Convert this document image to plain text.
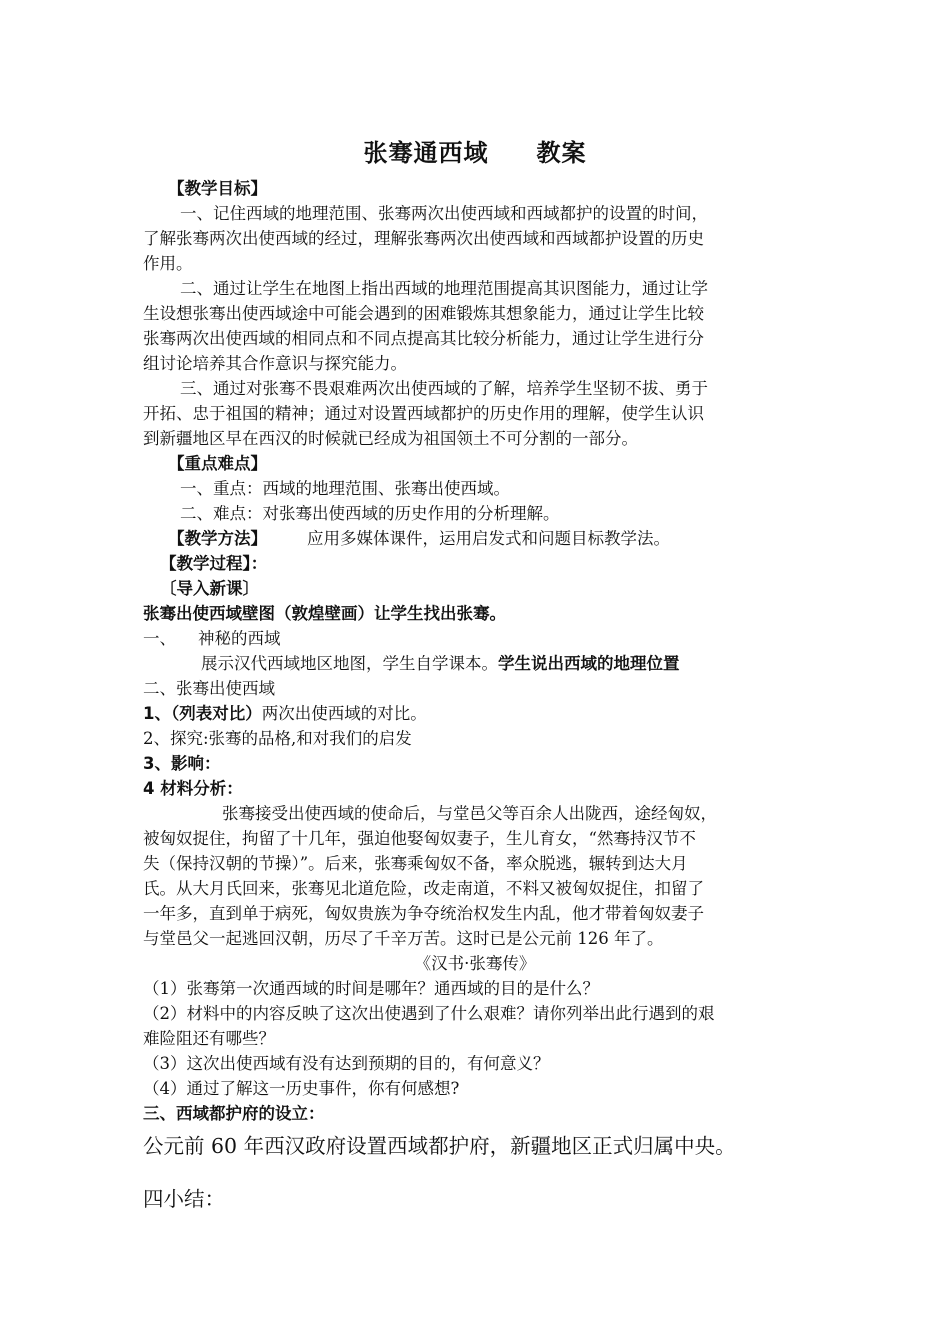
张骞通西域 教案
【教学目标】
一、记住西域的地理范围、张骞两次出使西域和西域都护的设置的时间，
了解张骞两次出使西域的经过，理解张骞两次出使西域和西域都护设置的历史
作用。
二、通过让学生在地图上指出西域的地理范围提高其识图能力，通过让学
生设想张骞出使西域途中可能会遇到的困难锻炼其想象能力，通过让学生比较
张骞两次出使西域的相同点和不同点提高其比较分析能力，通过让学生进行分
组讨论培养其合作意识与探究能力。
三、通过对张骞不畏艰难两次出使西域的了解，培养学生坚韧不拔、勇于
开拓、忠于祖国的精神；通过对设置西域都护的历史作用的理解，使学生认识
到新疆地区早在西汉的时候就已经成为祖国领土不可分割的一部分。
【重点难点】
一、重点：西域的地理范围、张骞出使西域。
二、难点：对张骞出使西域的历史作用的分析理解。
【教学方法】 应用多媒体课件，运用启发式和问题目标教学法。
【教学过程】：
〔导入新课〕
张骞出使西域壁图（敦煌壁画）让学生找出张骞。
一、 神秘的西域
展示汉代西域地区地图，学生自学课本。学生说出西域的地理位置
二、张骞出使西域
1、（列表对比）两次出使西域的对比。
2、探究:张骞的品格,和对我们的启发
3、影响：
4 材料分析：
张骞接受出使西域的使命后，与堂邑父等百余人出陇西，途经匈奴，
被匈奴捉住，拘留了十几年，强迫他娶匈奴妻子，生儿育女，“然骞持汉节不
失（保持汉朝的节操）”。后来，张骞乘匈奴不备，率众脱逃，辗转到达大月
氏。从大月氏回来，张骞见北道危险，改走南道，不料又被匈奴捉住，扣留了
一年多，直到单于病死，匈奴贵族为争夺统治权发生内乱，他才带着匈奴妻子
与堂邑父一起逃回汉朝，历尽了千辛万苦。这时已是公元前 126 年了。
《汉书·张骞传》
（1）张骞第一次通西域的时间是哪年？通西域的目的是什么？
（2）材料中的内容反映了这次出使遇到了什么艰难？请你列举出此行遇到的艰
难险阻还有哪些？
（3）这次出使西域有没有达到预期的目的，有何意义？
（4）通过了解这一历史事件，你有何感想?
三、西域都护府的设立：
公元前 60 年西汉政府设置西域都护府，新疆地区正式归属中央。
四小结：
